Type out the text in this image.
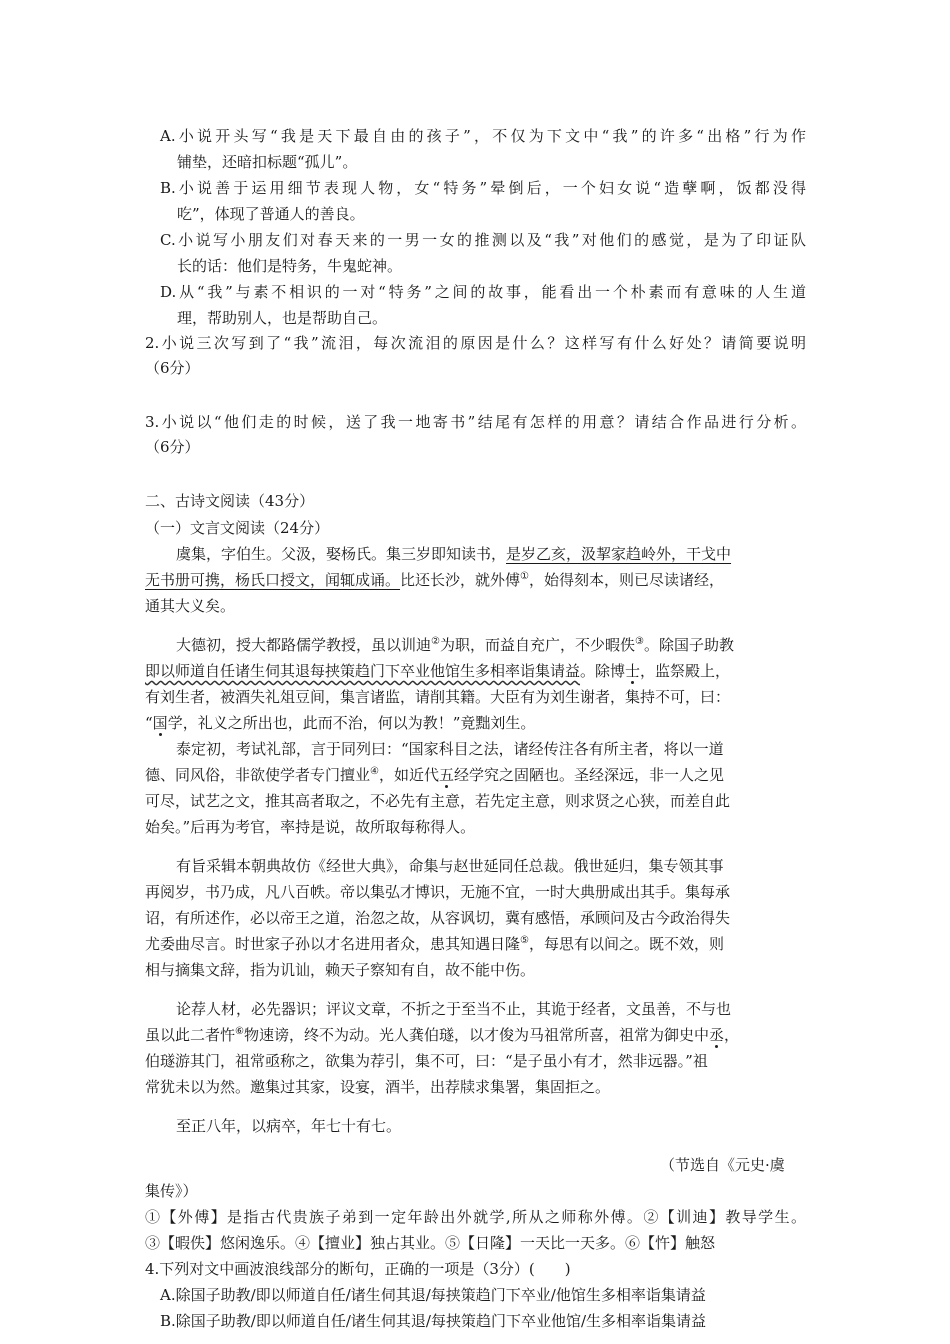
A.小说开头写“我是天下最自由的孩子”，不仅为下文中“我”的许多“出格”行为作
铺垫，还暗扣标题“孤儿”。
B.小说善于运用细节表现人物，女“特务”晕倒后，一个妇女说“造孽啊，饭都没得
吃”，体现了普通人的善良。
C.小说写小朋友们对春天来的一男一女的推测以及“我”对他们的感觉，是为了印证队
长的话：他们是特务，牛鬼蛇神。
D.从“我”与素不相识的一对“特务”之间的故事，能看出一个朴素而有意味的人生道
理，帮助别人，也是帮助自己。
2.小说三次写到了“我”流泪，每次流泪的原因是什么？这样写有什么好处？请简要说明
（6分）
3.小说以“他们走的时候，送了我一地寄书”结尾有怎样的用意？请结合作品进行分析。
（6分）
二、古诗文阅读（43分）
（一）文言文阅读（24分）
虞集，字伯生。父汲，娶杨氏。集三岁即知读书，是岁乙亥，汲挈家趋岭外，干戈中
无书册可携，杨氏口授文，闻辄成诵。比还长沙，就外傅①，始得刻本，则已尽读诸经，
通其大义矣。
大德初，授大都路儒学教授，虽以训迪②为职，而益自充广，不少暇佚③。除国子助教
即以师道自任诸生伺其退每挟策趋门下卒业他馆生多相率诣集请益。除博士，监祭殿上，
有刘生者，被酒失礼俎豆间，集言诸监，请削其籍。大臣有为刘生谢者，集持不可，曰：
“国学，礼义之所出也，此而不治，何以为教！”竟黜刘生。
泰定初，考试礼部，言于同列曰：“国家科目之法，诸经传注各有所主者，将以一道
德、同风俗，非欲使学者专门擅业④，如近代五经学究之固陋也。圣经深远，非一人之见
可尽，试艺之文，推其高者取之，不必先有主意，若先定主意，则求贤之心狭，而差自此
始矣。”后再为考官，率持是说，故所取每称得人。
有旨采辑本朝典故仿《经世大典》，命集与赵世延同任总裁。俄世延归，集专领其事
再阅岁，书乃成，凡八百帙。帝以集弘才博识，无施不宜，一时大典册咸出其手。集每承
诏，有所述作，必以帝王之道，治忽之故，从容讽切，冀有感悟，承顾问及古今政治得失
尤委曲尽言。时世家子孙以才名进用者众，患其知遇日隆⑤，每思有以间之。既不效，则
相与摘集文辞，指为讥讪，赖天子察知有自，故不能中伤。
论荐人材，必先器识；评议文章，不折之于至当不止，其诡于经者，文虽善，不与也
虽以此二者忤⑥物速谤，终不为动。光人龚伯璲，以才俊为马祖常所喜，祖常为御史中丞，
伯璲游其门，祖常亟称之，欲集为荐引，集不可，曰：“是子虽小有才，然非远器。”祖
常犹未以为然。邀集过其家，设宴，酒半，出荐牍求集署，集固拒之。
至正八年，以病卒，年七十有七。
（节选自《元史·虞
集传》）
①【外傅】是指古代贵族子弟到一定年龄出外就学,所从之师称外傅。②【训迪】教导学生。
③【暇佚】悠闲逸乐。④【擅业】独占其业。⑤【日隆】一天比一天多。⑥【忤】触怒
4.下列对文中画波浪线部分的断句，正确的一项是（3分）(　　)
A.除国子助教/即以师道自任/诸生伺其退/每挟策趋门下卒业/他馆生多相率诣集请益
B.除国子助教/即以师道自任/诸生伺其退/每挟策趋门下卒业他馆/生多相率诣集请益
